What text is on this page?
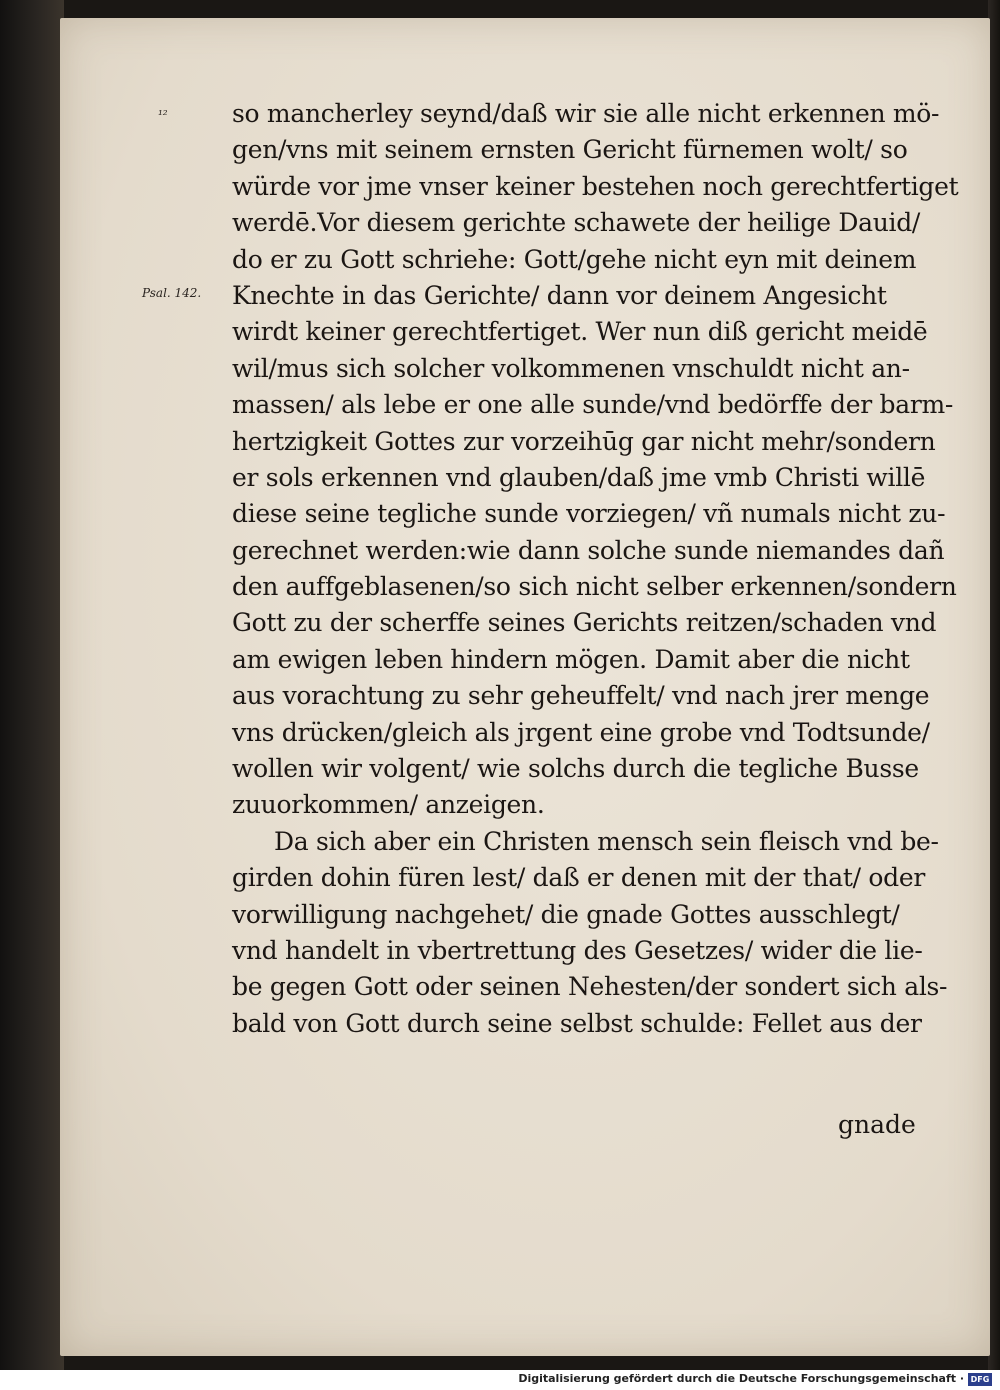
¹²
Psal. 142.
so mancherley seynd/daß wir sie alle nicht erkennen mö-
gen/vns mit seinem ernsten Gericht fürnemen wolt/ so
würde vor jme vnser keiner bestehen noch gerechtfertiget
werdē.Vor diesem gerichte schawete der heilige Dauid/
do er zu Gott schriehe: Gott/gehe nicht eyn mit deinem
Knechte in das Gerichte/ dann vor deinem Angesicht
wirdt keiner gerechtfertiget. Wer nun diß gericht meidē
wil/mus sich solcher volkommenen vnschuldt nicht an-
massen/ als lebe er one alle sunde/vnd bedörffe der barm-
hertzigkeit Gottes zur vorzeihūg gar nicht mehr/sondern
er sols erkennen vnd glauben/daß jme vmb Christi willē
diese seine tegliche sunde vorziegen/ vñ numals nicht zu-
gerechnet werden:wie dann solche sunde niemandes dañ
den auffgeblasenen/so sich nicht selber erkennen/sondern
Gott zu der scherffe seines Gerichts reitzen/schaden vnd
am ewigen leben hindern mögen. Damit aber die nicht
aus vorachtung zu sehr geheuffelt/ vnd nach jrer menge
vns drücken/gleich als jrgent eine grobe vnd Todtsunde/
wollen wir volgent/ wie solchs durch die tegliche Busse
zuuorkommen/ anzeigen.
Da sich aber ein Christen mensch sein fleisch vnd be-
girden dohin füren lest/ daß er denen mit der that/ oder
vorwilligung nachgehet/ die gnade Gottes ausschlegt/
vnd handelt in vbertrettung des Gesetzes/ wider die lie-
be gegen Gott oder seinen Nehesten/der sondert sich als-
bald von Gott durch seine selbst schulde: Fellet aus der
gnade
Digitalisierung gefördert durch die Deutsche Forschungsgemeinschaft · DFG
